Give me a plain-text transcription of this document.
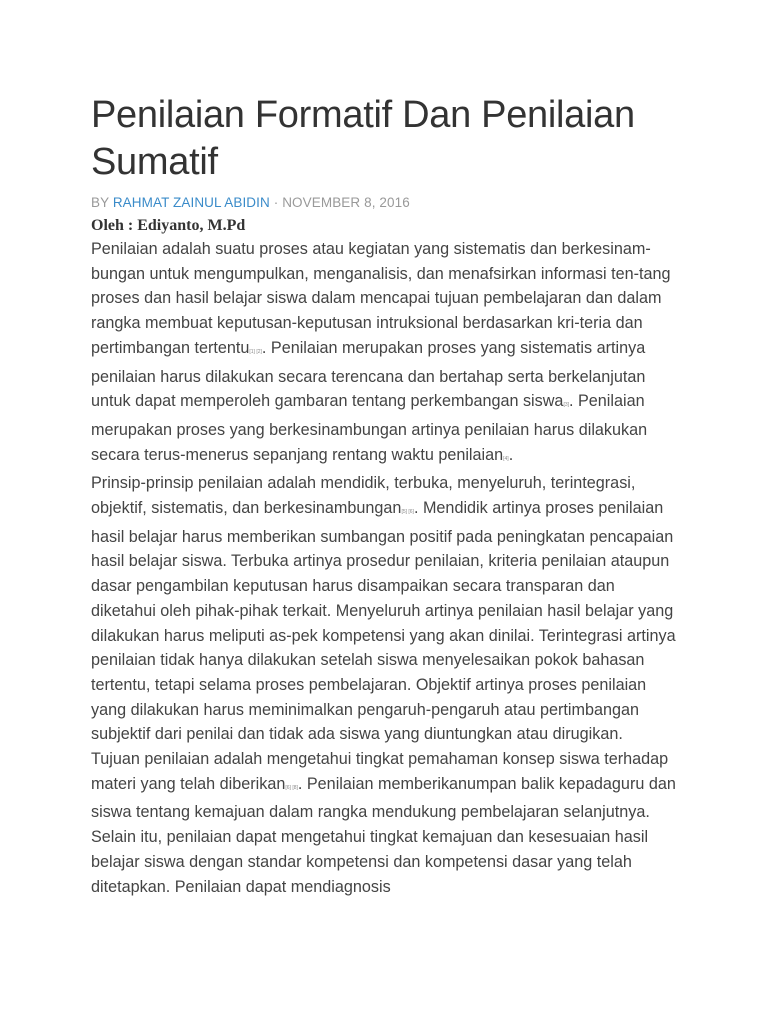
Penilaian Formatif Dan Penilaian Sumatif
BY RAHMAT ZAINUL ABIDIN · NOVEMBER 8, 2016
Oleh : Ediyanto, M.Pd

Penilaian adalah suatu proses atau kegiatan yang sistematis dan berkesinam-bungan untuk mengumpulkan, menganalisis, dan menafsirkan informasi ten-tang proses dan hasil belajar siswa dalam mencapai tujuan pembelajaran dan dalam rangka membuat keputusan-keputusan intruksional berdasarkan kri-teria dan pertimbangan tertentu[1] [2]. Penilaian merupakan proses yang sistematis artinya penilaian harus dilakukan secara terencana dan bertahap serta berkelanjutan untuk dapat memperoleh gambaran tentang perkembangan siswa[3]. Penilaian merupakan proses yang berkesinambungan artinya penilaian harus dilakukan secara terus-menerus sepanjang rentang waktu penilaian[4].

Prinsip-prinsip penilaian adalah mendidik, terbuka, menyeluruh, terintegrasi, objektif, sistematis, dan berkesinambungan[5] [6]. Mendidik artinya proses penilaian hasil belajar harus memberikan sumbangan positif pada peningkatan pencapaian hasil belajar siswa. Terbuka artinya prosedur penilaian, kriteria penilaian ataupun dasar pengambilan keputusan harus disampaikan secara transparan dan diketahui oleh pihak-pihak terkait. Menyeluruh artinya penilaian hasil belajar yang dilakukan harus meliputi as-pek kompetensi yang akan dinilai. Terintegrasi artinya penilaian tidak hanya dilakukan setelah siswa menyelesaikan pokok bahasan tertentu, tetapi selama proses pembelajaran. Objektif artinya proses penilaian yang dilakukan harus meminimalkan pengaruh-pengaruh atau pertimbangan subjektif dari penilai dan tidak ada siswa yang diuntungkan atau dirugikan.

Tujuan penilaian adalah mengetahui tingkat pemahaman konsep siswa terhadap materi yang telah diberikan[6] [8]. Penilaian memberikanumpan balik kepadaguru dan siswa tentang kemajuan dalam rangka mendukung pembelajaran selanjutnya. Selain itu, penilaian dapat mengetahui tingkat kemajuan dan kesesuaian hasil belajar siswa dengan standar kompetensi dan kompetensi dasar yang telah ditetapkan. Penilaian dapat mendiagnosis
